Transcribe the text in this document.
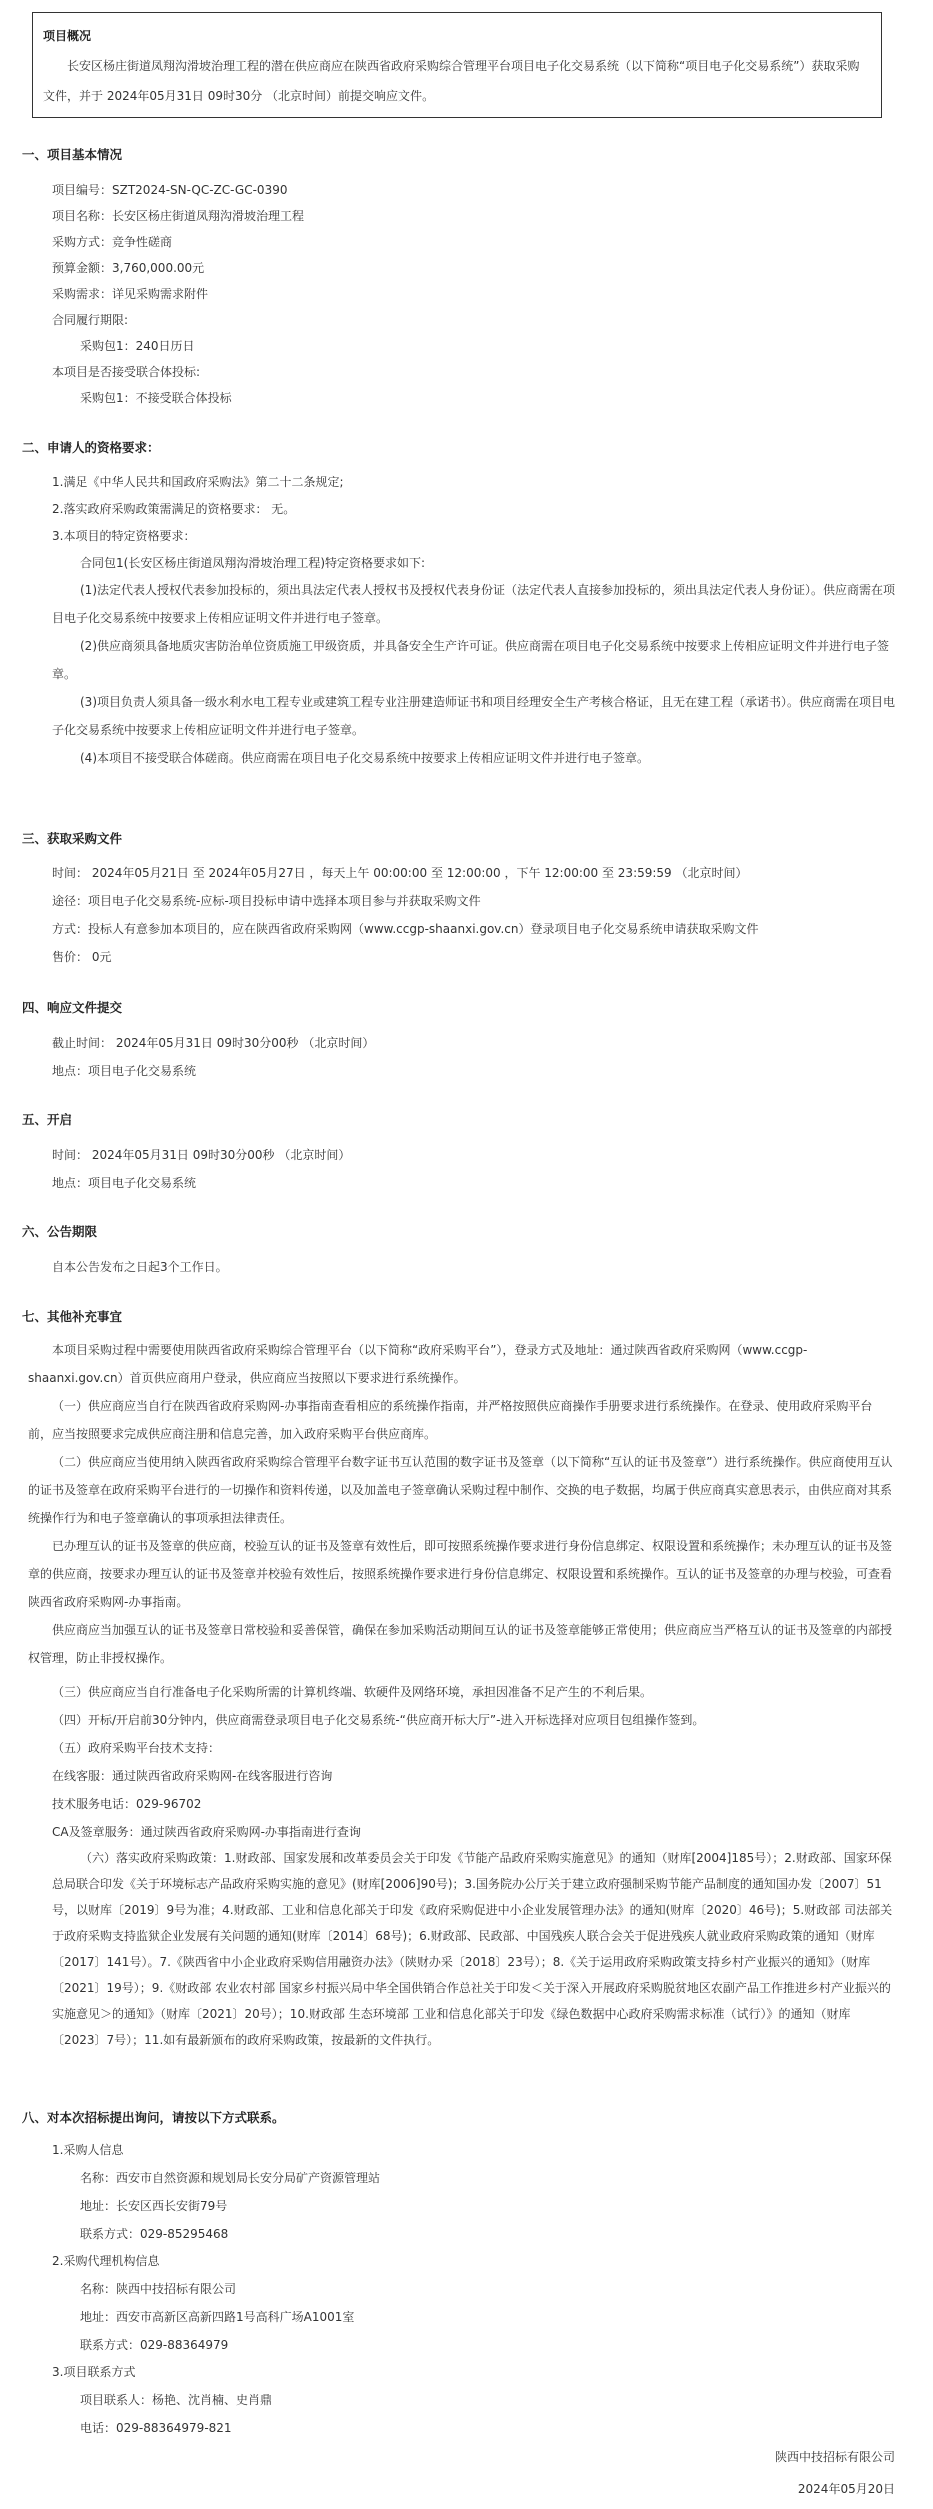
项目概况
长安区杨庄街道凤翔沟滑坡治理工程的潜在供应商应在陕西省政府采购综合管理平台项目电子化交易系统（以下简称“项目电子化交易系统”）获取采购文件，并于 2024年05月31日 09时30分 （北京时间）前提交响应文件。
一、项目基本情况
项目编号：SZT2024-SN-QC-ZC-GC-0390
项目名称：长安区杨庄街道凤翔沟滑坡治理工程
采购方式：竞争性磋商
预算金额：3,760,000.00元
采购需求：详见采购需求附件
合同履行期限:
采购包1：240日历日
本项目是否接受联合体投标:
采购包1：不接受联合体投标
二、申请人的资格要求：
1.满足《中华人民共和国政府采购法》第二十二条规定;
2.落实政府采购政策需满足的资格要求： 无。
3.本项目的特定资格要求：
合同包1(长安区杨庄街道凤翔沟滑坡治理工程)特定资格要求如下:
(1)法定代表人授权代表参加投标的，须出具法定代表人授权书及授权代表身份证（法定代表人直接参加投标的，须出具法定代表人身份证）。供应商需在项目电子化交易系统中按要求上传相应证明文件并进行电子签章。
(2)供应商须具备地质灾害防治单位资质施工甲级资质，并具备安全生产许可证。供应商需在项目电子化交易系统中按要求上传相应证明文件并进行电子签章。
(3)项目负责人须具备一级水利水电工程专业或建筑工程专业注册建造师证书和项目经理安全生产考核合格证，且无在建工程（承诺书）。供应商需在项目电子化交易系统中按要求上传相应证明文件并进行电子签章。
(4)本项目不接受联合体磋商。供应商需在项目电子化交易系统中按要求上传相应证明文件并进行电子签章。
三、获取采购文件
时间： 2024年05月21日 至 2024年05月27日 ，每天上午 00:00:00 至 12:00:00 ，下午 12:00:00 至 23:59:59 （北京时间）
途径：项目电子化交易系统-应标-项目投标申请中选择本项目参与并获取采购文件
方式：投标人有意参加本项目的，应在陕西省政府采购网（www.ccgp-shaanxi.gov.cn）登录项目电子化交易系统申请获取采购文件
售价： 0元
四、响应文件提交
截止时间： 2024年05月31日 09时30分00秒 （北京时间）
地点：项目电子化交易系统
五、开启
时间： 2024年05月31日 09时30分00秒 （北京时间）
地点：项目电子化交易系统
六、公告期限
自本公告发布之日起3个工作日。
七、其他补充事宜
本项目采购过程中需要使用陕西省政府采购综合管理平台（以下简称“政府采购平台”），登录方式及地址：通过陕西省政府采购网（www.ccgp-shaanxi.gov.cn）首页供应商用户登录，供应商应当按照以下要求进行系统操作。
（一）供应商应当自行在陕西省政府采购网-办事指南查看相应的系统操作指南，并严格按照供应商操作手册要求进行系统操作。在登录、使用政府采购平台前，应当按照要求完成供应商注册和信息完善，加入政府采购平台供应商库。
（二）供应商应当使用纳入陕西省政府采购综合管理平台数字证书互认范围的数字证书及签章（以下简称“互认的证书及签章”）进行系统操作。供应商使用互认的证书及签章在政府采购平台进行的一切操作和资料传递，以及加盖电子签章确认采购过程中制作、交换的电子数据，均属于供应商真实意思表示，由供应商对其系统操作行为和电子签章确认的事项承担法律责任。
已办理互认的证书及签章的供应商，校验互认的证书及签章有效性后，即可按照系统操作要求进行身份信息绑定、权限设置和系统操作；未办理互认的证书及签章的供应商，按要求办理互认的证书及签章并校验有效性后，按照系统操作要求进行身份信息绑定、权限设置和系统操作。互认的证书及签章的办理与校验，可查看陕西省政府采购网-办事指南。
供应商应当加强互认的证书及签章日常校验和妥善保管，确保在参加采购活动期间互认的证书及签章能够正常使用；供应商应当严格互认的证书及签章的内部授权管理，防止非授权操作。
（三）供应商应当自行准备电子化采购所需的计算机终端、软硬件及网络环境，承担因准备不足产生的不利后果。
（四）开标/开启前30分钟内，供应商需登录项目电子化交易系统-“供应商开标大厅”-进入开标选择对应项目包组操作签到。
（五）政府采购平台技术支持：
在线客服：通过陕西省政府采购网-在线客服进行咨询
技术服务电话：029-96702
CA及签章服务：通过陕西省政府采购网-办事指南进行查询
（六）落实政府采购政策：1.财政部、国家发展和改革委员会关于印发《节能产品政府采购实施意见》的通知（财库[2004]185号）；2.财政部、国家环保总局联合印发《关于环境标志产品政府采购实施的意见》(财库[2006]90号)；3.国务院办公厅关于建立政府强制采购节能产品制度的通知国办发〔2007〕51号，以财库〔2019〕9号为准；4.财政部、工业和信息化部关于印发《政府采购促进中小企业发展管理办法》的通知(财库〔2020〕46号)；5.财政部 司法部关于政府采购支持监狱企业发展有关问题的通知(财库〔2014〕68号)；6.财政部、民政部、中国残疾人联合会关于促进残疾人就业政府采购政策的通知（财库〔2017〕141号）。7.《陕西省中小企业政府采购信用融资办法》（陕财办采〔2018〕23号）；8.《关于运用政府采购政策支持乡村产业振兴的通知》（财库〔2021〕19号）；9.《财政部 农业农村部 国家乡村振兴局中华全国供销合作总社关于印发＜关于深入开展政府采购脱贫地区农副产品工作推进乡村产业振兴的实施意见＞的通知》（财库〔2021〕20号）；10.财政部 生态环境部 工业和信息化部关于印发《绿色数据中心政府采购需求标准（试行）》的通知（财库〔2023〕7号）；11.如有最新颁布的政府采购政策，按最新的文件执行。
八、对本次招标提出询问，请按以下方式联系。
1.采购人信息
名称：西安市自然资源和规划局长安分局矿产资源管理站
地址：长安区西长安街79号
联系方式：029-85295468
2.采购代理机构信息
名称：陕西中技招标有限公司
地址：西安市高新区高新四路1号高科广场A1001室
联系方式：029-88364979
3.项目联系方式
项目联系人：杨艳、沈肖楠、史肖鼎
电话：029-88364979-821
陕西中技招标有限公司
2024年05月20日
